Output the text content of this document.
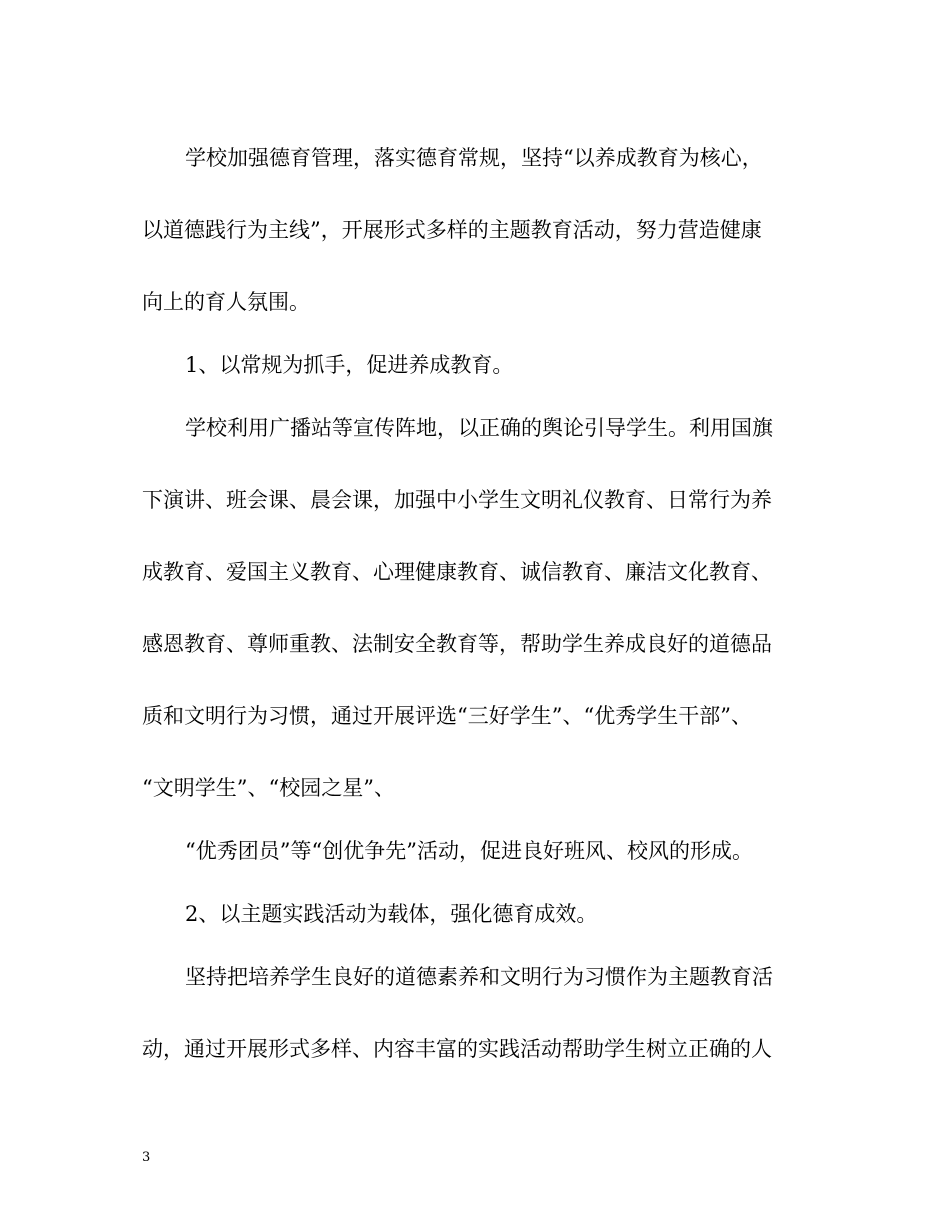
学校加强德育管理，落实德育常规，坚持“以养成教育为核心，

以道德践行为主线”，开展形式多样的主题教育活动，努力营造健康

向上的育人氛围。

1、以常规为抓手，促进养成教育。

学校利用广播站等宣传阵地，以正确的舆论引导学生。利用国旗

下演讲、班会课、晨会课，加强中小学生文明礼仪教育、日常行为养

成教育、爱国主义教育、心理健康教育、诚信教育、廉洁文化教育、

感恩教育、尊师重教、法制安全教育等，帮助学生养成良好的道德品

质和文明行为习惯，通过开展评选“三好学生”、“优秀学生干部”、

“文明学生”、“校园之星”、

“优秀团员”等“创优争先”活动，促进良好班风、校风的形成。

2、以主题实践活动为载体，强化德育成效。

坚持把培养学生良好的道德素养和文明行为习惯作为主题教育活

动，通过开展形式多样、内容丰富的实践活动帮助学生树立正确的人

3
